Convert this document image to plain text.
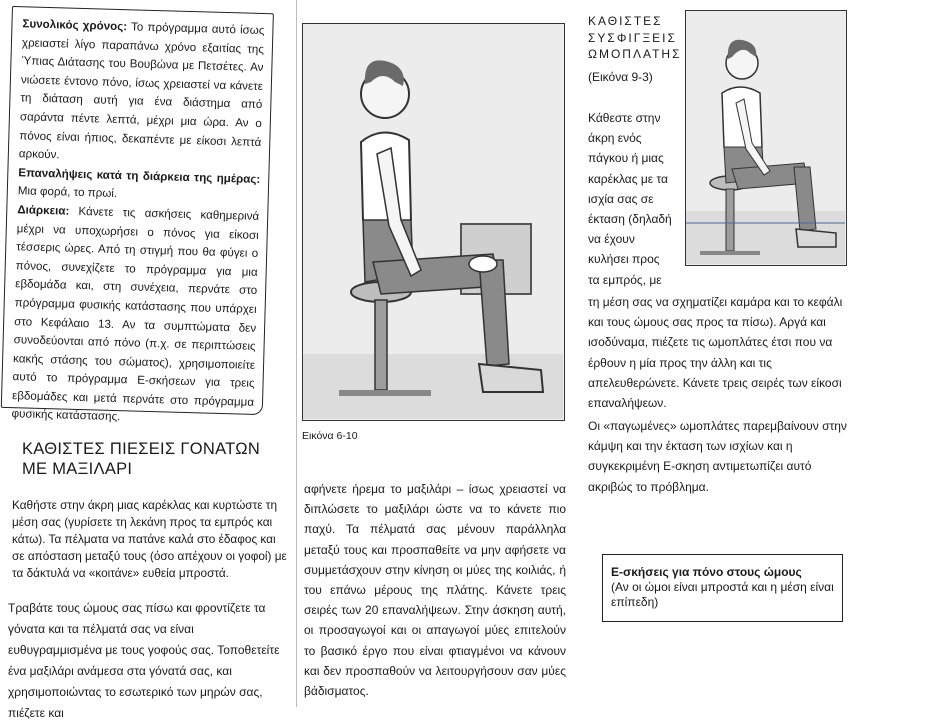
Συνολικός χρόνος: Το πρόγραμμα αυτό ίσως χρειαστεί λίγο παραπάνω χρόνο εξαιτίας της Ύπιας Διάτασης του Βουβώνα με Πετσέτες. Αν νιώσετε έντονο πόνο, ίσως χρειαστεί να κάνετε τη διάταση αυτή για ένα διάστημα από σαράντα πέντε λεπτά, μέχρι μια ώρα. Αν ο πόνος είναι ήπιος, δεκαπέντε με είκοσι λεπτά αρκούν.

Επαναλήψεις κατά τη διάρκεια της ημέρας: Μια φορά, το πρωί.

Διάρκεια: Κάνετε τις ασκήσεις καθημερινά μέχρι να υποχωρήσει ο πόνος για είκοσι τέσσερις ώρες. Από τη στιγμή που θα φύγει ο πόνος, συνεχίζετε το πρόγραμμα για μια εβδομάδα και, στη συνέχεια, περνάτε στο πρόγραμμα φυσικής κατάστασης που υπάρχει στο Κεφάλαιο 13. Αν τα συμπτώματα δεν συνοδεύονται από πόνο (π.χ. σε περιπτώσεις κακής στάσης του σώματος), χρησιμοποιείτε αυτό το πρόγραμμα Ε-σκήσεων για τρεις εβδομάδες και μετά περνάτε στο πρόγραμμα φυσικής κατάστασης.

ΚΑΘΙΣΤΕΣ ΠΙΕΣΕΙΣ ΓΟΝΑΤΩΝ ΜΕ ΜΑΞΙΛΑΡΙ
Καθήστε στην άκρη μιας καρέκλας και κυρτώστε τη μέση σας (γυρίσετε τη λεκάνη προς τα εμπρός και κάτω). Τα πέλματα να πατάνε καλά στο έδαφος και σε απόσταση μεταξύ τους (όσο απέχουν οι γοφοί) με τα δάκτυλά να «κοιτάνε» ευθεία μπροστά.
Τραβάτε τους ώμους σας πίσω και φροντίζετε τα γόνατα και τα πέλματά σας να είναι ευθυγραμμισμένα με τους γοφούς σας. Τοποθετείτε ένα μαξιλάρι ανάμεσα στα γόνατά σας, και χρησιμοποιώντας το εσωτερικό των μηρών σας, πιέζετε και
Εικόνα 6-10
αφήνετε ήρεμα το μαξιλάρι – ίσως χρειαστεί να διπλώσετε το μαξιλάρι ώστε να το κάνετε πιο παχύ. Τα πέλματά σας μένουν παράλληλα μεταξύ τους και προσπαθείτε να μην αφήσετε να συμμετάσχουν στην κίνηση οι μύες της κοιλιάς, ή του επάνω μέρους της πλάτης. Κάνετε τρεις σειρές των 20 επαναλήψεων. Στην άσκηση αυτή, οι προσαγωγοί και οι απαγωγοί μύες επιτελούν το βασικό έργο που είναι φτιαγμένοι να κάνουν και δεν προσπαθούν να λειτουργήσουν σαν μύες βάδισματος.
ΚΑΘΙΣΤΕΣ ΣΥΣΦΙΓΞΕΙΣ ΩΜΟΠΛΑΤΗΣ
(Εικόνα 9-3)
Κάθεστε στην άκρη ενός πάγκου ή μιας καρέκλας με τα ισχία σας σε έκταση (δηλαδή να έχουν κυλήσει προς τα εμπρός, με
τη μέση σας να σχηματίζει καμάρα και το κεφάλι και τους ώμους σας προς τα πίσω). Αργά και ισοδύναμα, πιέζετε τις ωμοπλάτες έτσι που να έρθουν η μία προς την άλλη και τις απελευθερώνετε. Κάνετε τρεις σειρές των είκοσι επαναλήψεων.
Οι «παγωμένες» ωμοπλάτες παρεμβαίνουν στην κάμψη και την έκταση των ισχίων και η συγκεκριμένη Ε-σκηση αντιμετωπίζει αυτό ακριβώς το πρόβλημα.
Ε-σκήσεις για πόνο στους ώμους
(Αν οι ώμοι είναι μπροστά και η μέση είναι επίπεδη)
